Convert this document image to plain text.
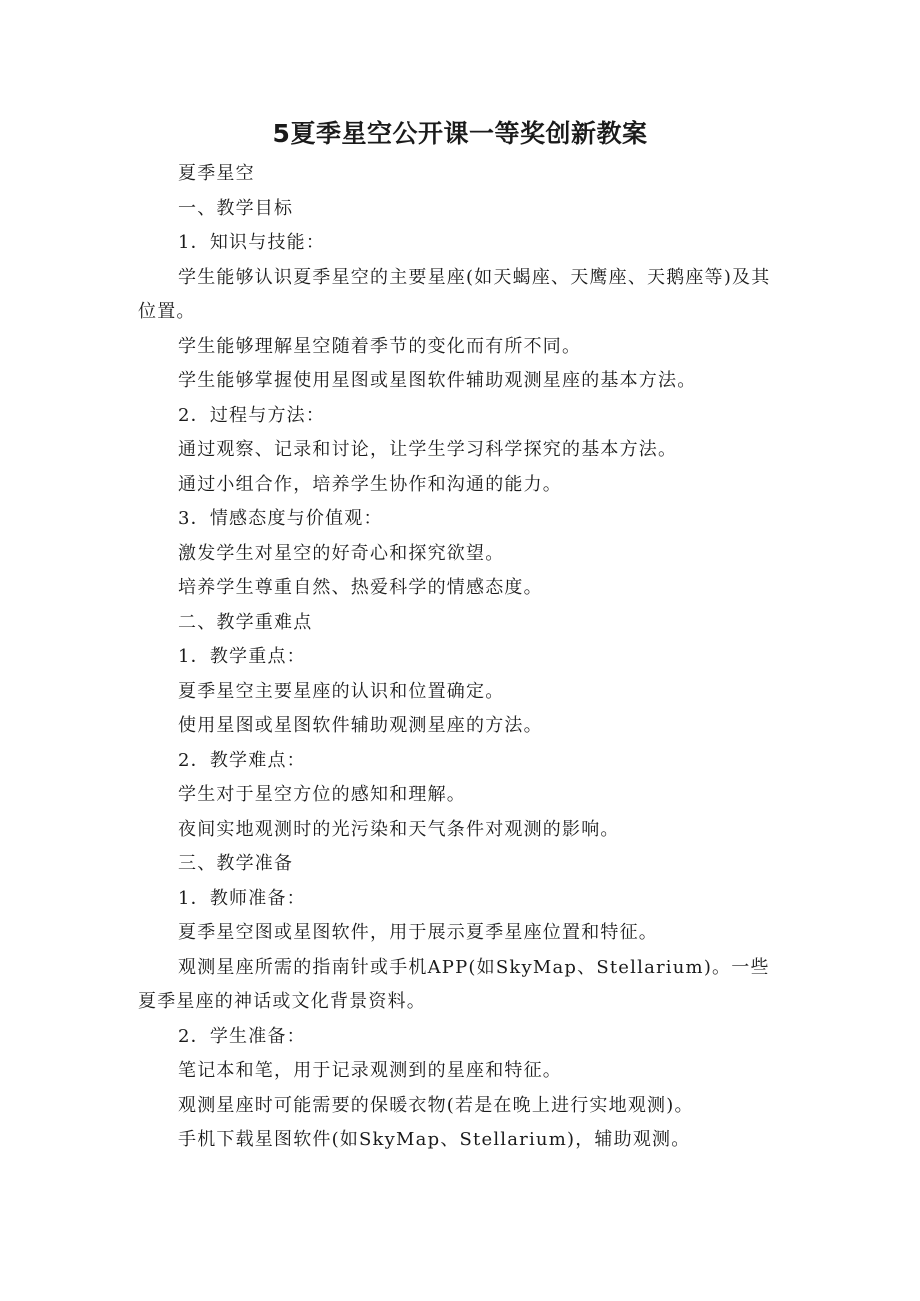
5夏季星空公开课一等奖创新教案

夏季星空

一、教学目标

1．知识与技能：

学生能够认识夏季星空的主要星座(如天蝎座、天鹰座、天鹅座等)及其位置。

学生能够理解星空随着季节的变化而有所不同。

学生能够掌握使用星图或星图软件辅助观测星座的基本方法。

2．过程与方法：

通过观察、记录和讨论，让学生学习科学探究的基本方法。

通过小组合作，培养学生协作和沟通的能力。

3．情感态度与价值观：

激发学生对星空的好奇心和探究欲望。

培养学生尊重自然、热爱科学的情感态度。

二、教学重难点

1．教学重点：

夏季星空主要星座的认识和位置确定。

使用星图或星图软件辅助观测星座的方法。

2．教学难点：

学生对于星空方位的感知和理解。

夜间实地观测时的光污染和天气条件对观测的影响。

三、教学准备

1．教师准备：

夏季星空图或星图软件，用于展示夏季星座位置和特征。

观测星座所需的指南针或手机APP(如SkyMap、Stellarium)。一些夏季星座的神话或文化背景资料。

2．学生准备：

笔记本和笔，用于记录观测到的星座和特征。

观测星座时可能需要的保暖衣物(若是在晚上进行实地观测)。

手机下载星图软件(如SkyMap、Stellarium)，辅助观测。
